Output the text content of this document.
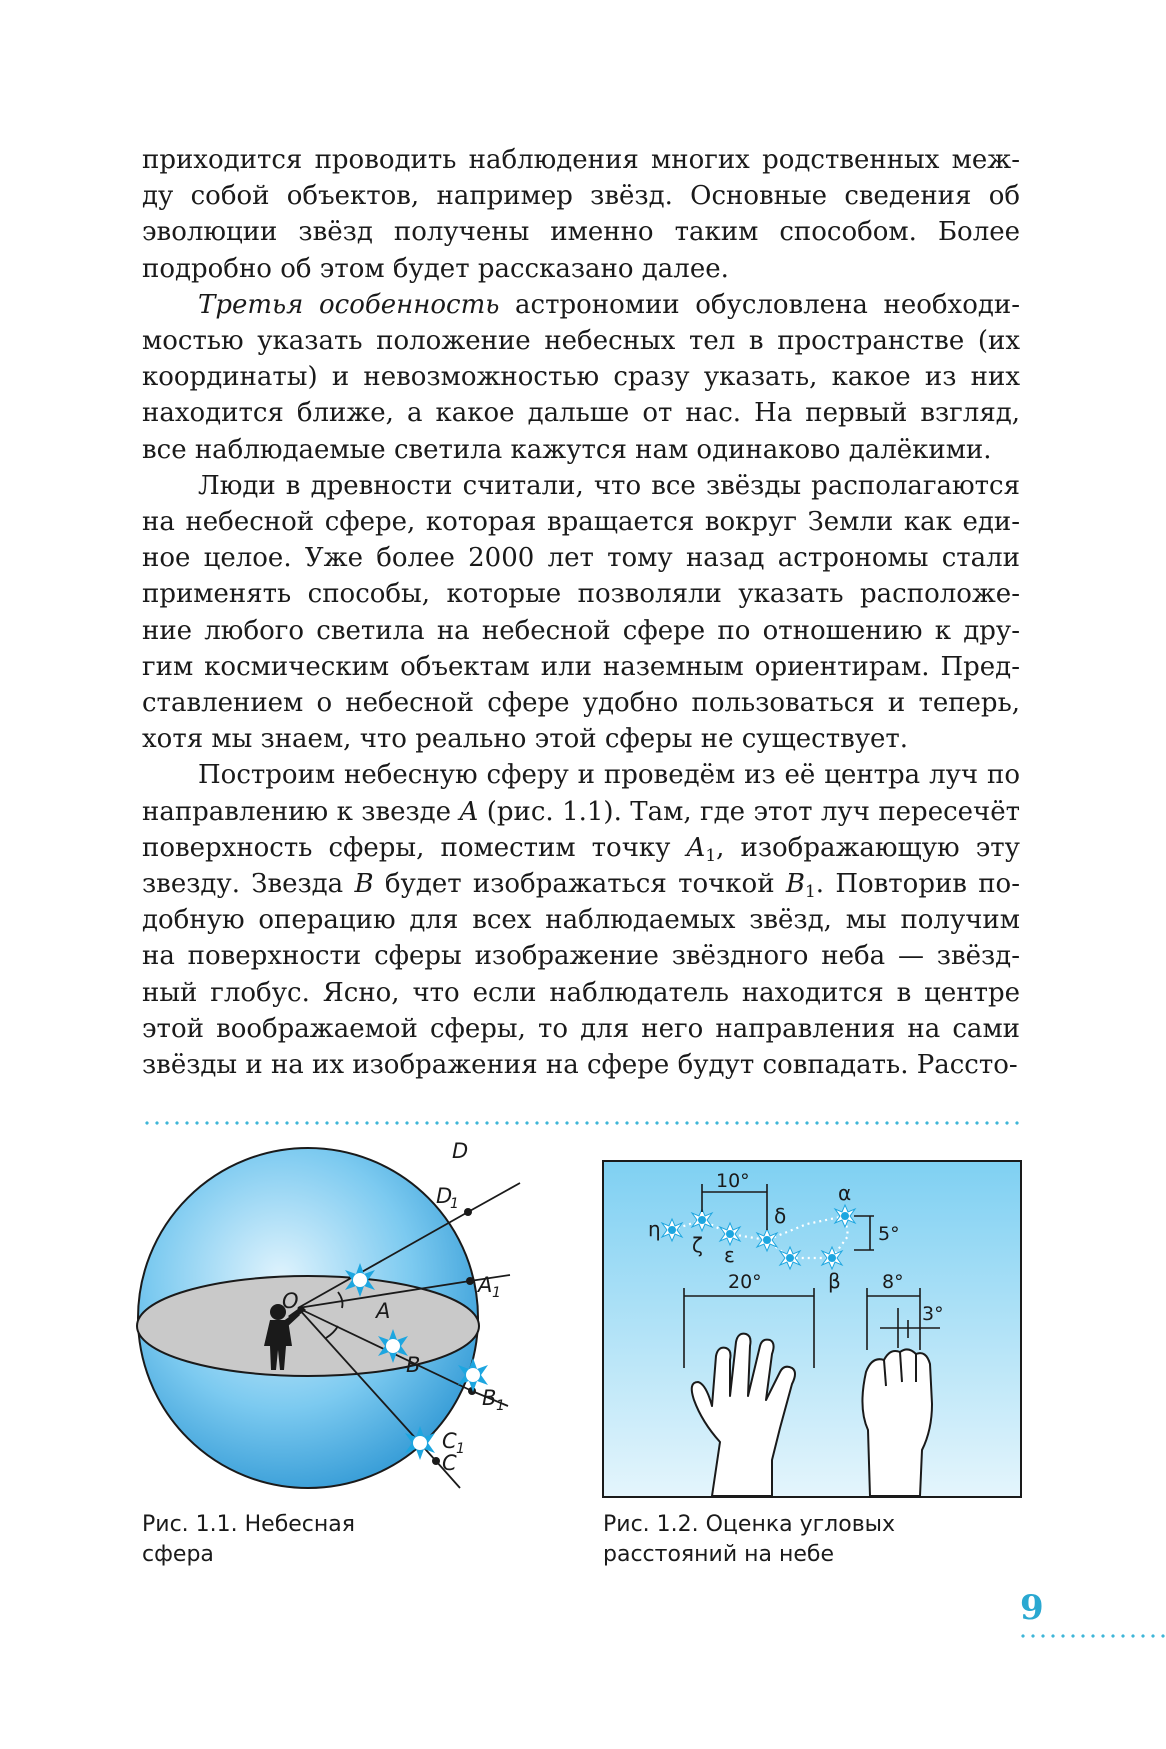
приходится проводить наблюдения многих родственных между собой объектов, например звёзд. Основные сведения об эволюции звёзд получены именно таким способом. Более подробно об этом будет рассказано далее.

Третья особенность астрономии обусловлена необходимостью указать положение небесных тел в пространстве (их координаты) и невозможностью сразу указать, какое из них находится ближе, а какое дальше от нас. На первый взгляд, все наблюдаемые светила кажутся нам одинаково далёкими.

Люди в древности считали, что все звёзды располагаются на небесной сфере, которая вращается вокруг Земли как единое целое. Уже более 2000 лет тому назад астрономы стали применять способы, которые позволяли указать расположение любого светила на небесной сфере по отношению к другим космическим объектам или наземным ориентирам. Представлением о небесной сфере удобно пользоваться и теперь, хотя мы знаем, что реально этой сферы не существует.

Построим небесную сферу и проведём из её центра луч по направлению к звезде A (рис. 1.1). Там, где этот луч пересечёт поверхность сферы, поместим точку $A_1$, изображающую эту звезду. Звезда B будет изображаться точкой $B_1$. Повторив подобную операцию для всех наблюдаемых звёзд, мы получим на поверхности сферы изображение звёздного неба — звёздный глобус. Ясно, что если наблюдатель находится в центре этой воображаемой сферы, то для него направления на сами звёзды и на их изображения на сфере будут совпадать. Рассто-

O	A
B
C
D
D
1
A 1
B 1
C 1
10°
5°
20°	8°
3°
η
ζ ε
δ
α
β
Рис. 1.1. Небесная сфера
Рис. 1.2. Оценка угловых расстояний на небе
9
